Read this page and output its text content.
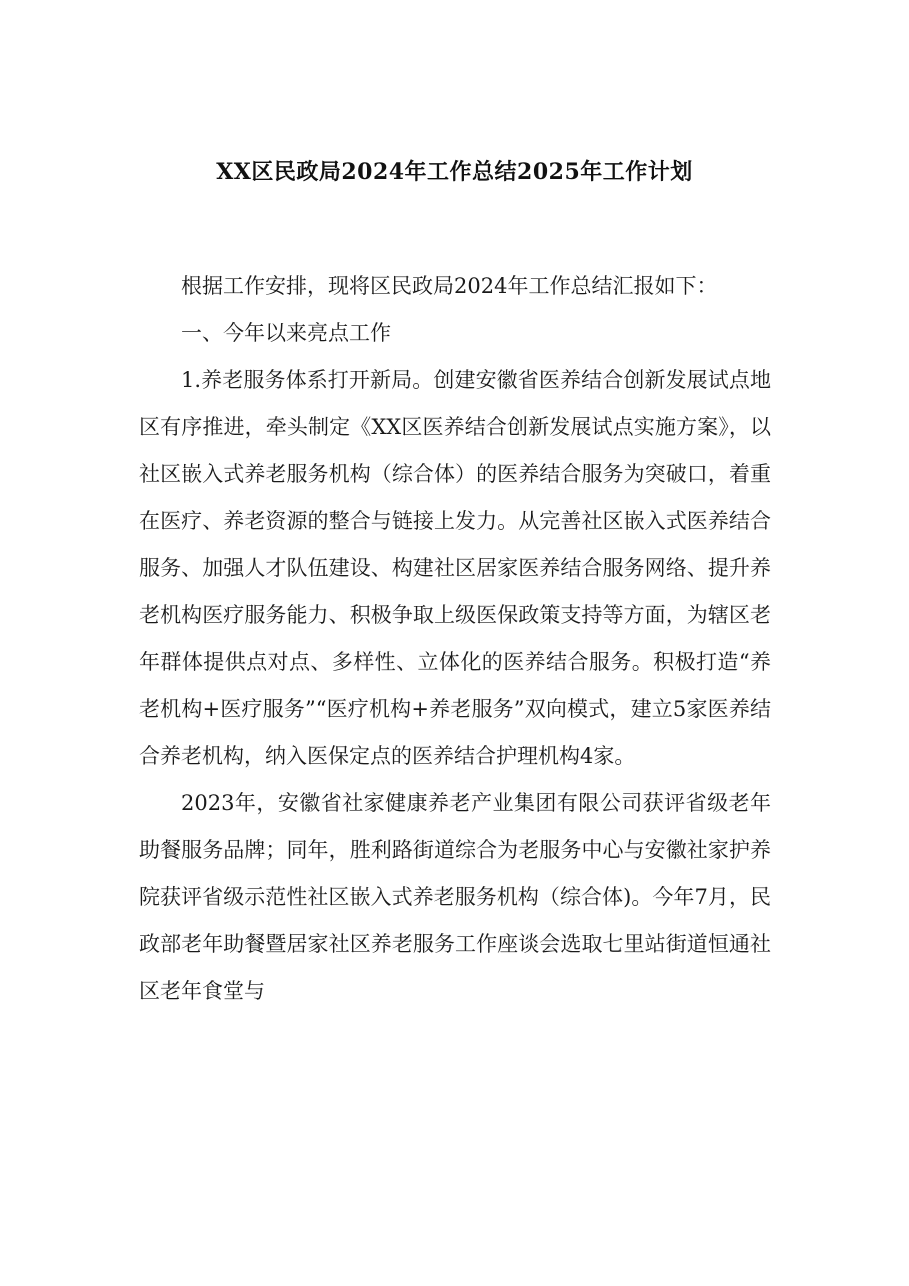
XX区民政局2024年工作总结2025年工作计划

根据工作安排，现将区民政局2024年工作总结汇报如下：

一、今年以来亮点工作

1.养老服务体系打开新局。创建安徽省医养结合创新发展试点地区有序推进，牵头制定《XX区医养结合创新发展试点实施方案》，以社区嵌入式养老服务机构（综合体）的医养结合服务为突破口，着重在医疗、养老资源的整合与链接上发力。从完善社区嵌入式医养结合服务、加强人才队伍建设、构建社区居家医养结合服务网络、提升养老机构医疗服务能力、积极争取上级医保政策支持等方面，为辖区老年群体提供点对点、多样性、立体化的医养结合服务。积极打造“养老机构+医疗服务”“医疗机构+养老服务”双向模式，建立5家医养结合养老机构，纳入医保定点的医养结合护理机构4家。

2023年，安徽省社家健康养老产业集团有限公司获评省级老年助餐服务品牌；同年，胜利路街道综合为老服务中心与安徽社家护养院获评省级示范性社区嵌入式养老服务机构（综合体)。今年7月，民政部老年助餐暨居家社区养老服务工作座谈会选取七里站街道恒通社区老年食堂与
